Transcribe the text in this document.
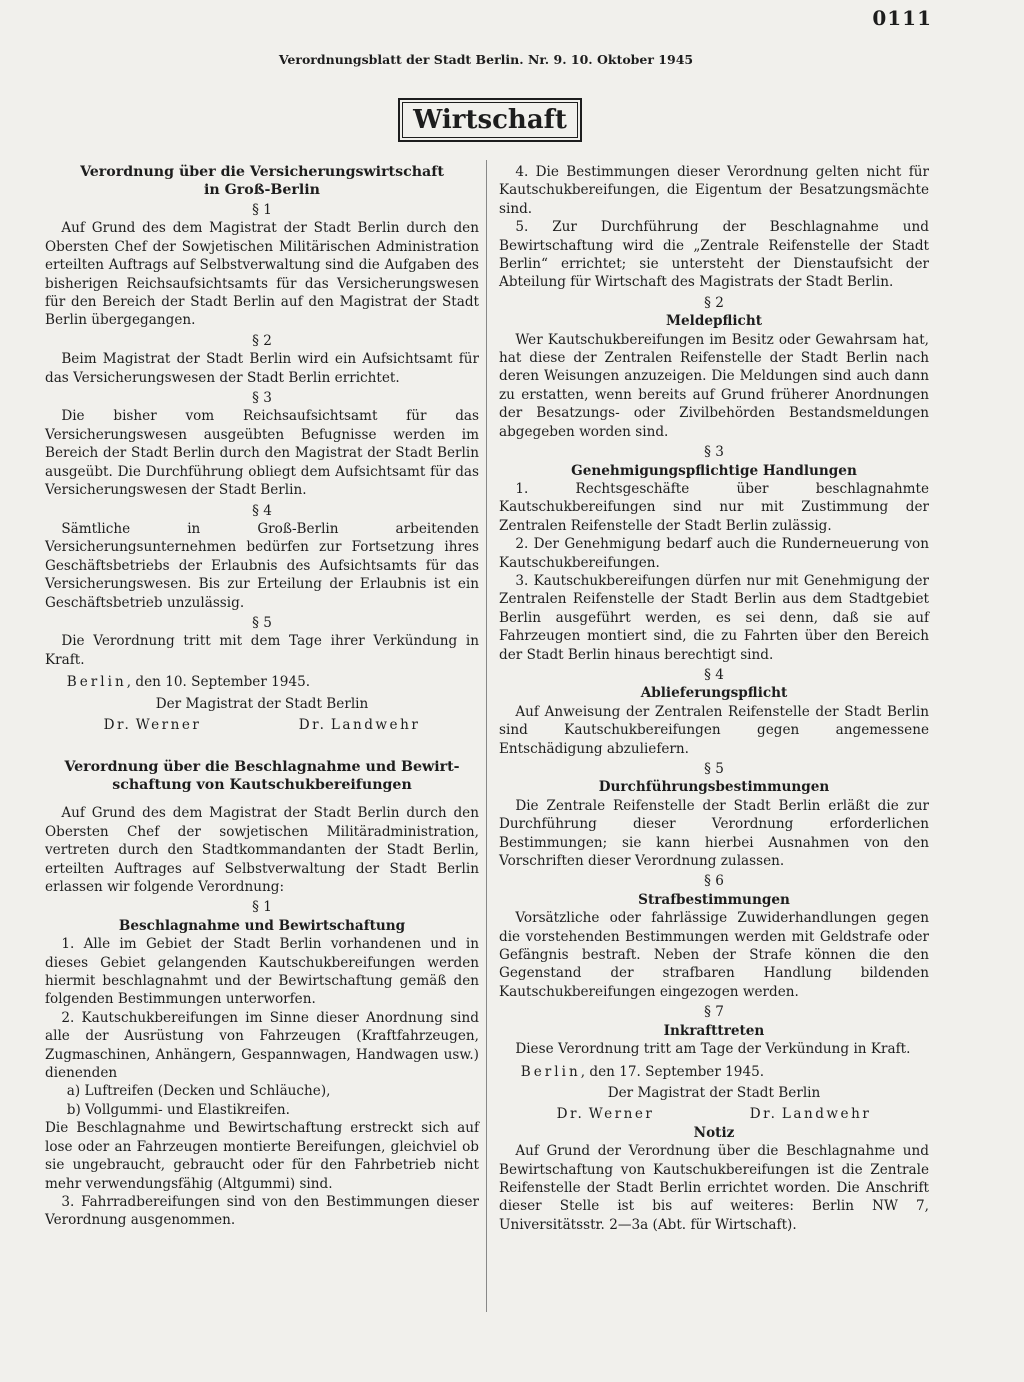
0111
Verordnungsblatt der Stadt Berlin. Nr. 9. 10. Oktober 1945
Wirtschaft
Verordnung über die Versicherungswirtschaft
in Groß-Berlin
§ 1

Auf Grund des dem Magistrat der Stadt Berlin durch den Obersten Chef der Sowjetischen Militärischen Administration erteilten Auftrags auf Selbstverwaltung sind die Aufgaben des bisherigen Reichsaufsichtsamts für das Versicherungswesen für den Bereich der Stadt Berlin auf den Magistrat der Stadt Berlin übergegangen.

§ 2

Beim Magistrat der Stadt Berlin wird ein Aufsichtsamt für das Versicherungswesen der Stadt Berlin errichtet.

§ 3

Die bisher vom Reichsaufsichtsamt für das Versicherungswesen ausgeübten Befugnisse werden im Bereich der Stadt Berlin durch den Magistrat der Stadt Berlin ausgeübt. Die Durchführung obliegt dem Aufsichtsamt für das Versicherungswesen der Stadt Berlin.

§ 4

Sämtliche in Groß-Berlin arbeitenden Versicherungsunternehmen bedürfen zur Fortsetzung ihres Geschäftsbetriebs der Erlaubnis des Aufsichtsamts für das Versicherungswesen. Bis zur Erteilung der Erlaubnis ist ein Geschäftsbetrieb unzulässig.

§ 5

Die Verordnung tritt mit dem Tage ihrer Verkündung in Kraft.

Berlin, den 10. September 1945.
Der Magistrat der Stadt Berlin
Dr. Werner	Dr. Landwehr
Verordnung über die Beschlagnahme und Bewirt-
schaftung von Kautschukbereifungen

Auf Grund des dem Magistrat der Stadt Berlin durch den Obersten Chef der sowjetischen Militäradministration, vertreten durch den Stadtkommandanten der Stadt Berlin, erteilten Auftrages auf Selbstverwaltung der Stadt Berlin erlassen wir folgende Verordnung:

§ 1
Beschlagnahme und Bewirtschaftung

1. Alle im Gebiet der Stadt Berlin vorhandenen und in dieses Gebiet gelangenden Kautschukbereifungen werden hiermit beschlagnahmt und der Bewirtschaftung gemäß den folgenden Bestimmungen unterworfen.

2. Kautschukbereifungen im Sinne dieser Anordnung sind alle der Ausrüstung von Fahrzeugen (Kraftfahrzeugen, Zugmaschinen, Anhängern, Gespannwagen, Handwagen usw.) dienenden

a) Luftreifen (Decken und Schläuche),

b) Vollgummi- und Elastikreifen.

Die Beschlagnahme und Bewirtschaftung erstreckt sich auf lose oder an Fahrzeugen montierte Bereifungen, gleichviel ob sie ungebraucht, gebraucht oder für den Fahrbetrieb nicht mehr verwendungsfähig (Altgummi) sind.

3. Fahrradbereifungen sind von den Bestimmungen dieser Verordnung ausgenommen.

4. Die Bestimmungen dieser Verordnung gelten nicht für Kautschukbereifungen, die Eigentum der Besatzungsmächte sind.

5. Zur Durchführung der Beschlagnahme und Bewirtschaftung wird die „Zentrale Reifenstelle der Stadt Berlin“ errichtet; sie untersteht der Dienstaufsicht der Abteilung für Wirtschaft des Magistrats der Stadt Berlin.

§ 2
Meldepflicht

Wer Kautschukbereifungen im Besitz oder Gewahrsam hat, hat diese der Zentralen Reifenstelle der Stadt Berlin nach deren Weisungen anzuzeigen. Die Meldungen sind auch dann zu erstatten, wenn bereits auf Grund früherer Anordnungen der Besatzungs- oder Zivilbehörden Bestandsmeldungen abgegeben worden sind.

§ 3
Genehmigungspflichtige Handlungen

1. Rechtsgeschäfte über beschlagnahmte Kautschukbereifungen sind nur mit Zustimmung der Zentralen Reifenstelle der Stadt Berlin zulässig.

2. Der Genehmigung bedarf auch die Runderneuerung von Kautschukbereifungen.

3. Kautschukbereifungen dürfen nur mit Genehmigung der Zentralen Reifenstelle der Stadt Berlin aus dem Stadtgebiet Berlin ausgeführt werden, es sei denn, daß sie auf Fahrzeugen montiert sind, die zu Fahrten über den Bereich der Stadt Berlin hinaus berechtigt sind.

§ 4
Ablieferungspflicht

Auf Anweisung der Zentralen Reifenstelle der Stadt Berlin sind Kautschukbereifungen gegen angemessene Entschädigung abzuliefern.

§ 5
Durchführungsbestimmungen

Die Zentrale Reifenstelle der Stadt Berlin erläßt die zur Durchführung dieser Verordnung erforderlichen Bestimmungen; sie kann hierbei Ausnahmen von den Vorschriften dieser Verordnung zulassen.

§ 6
Strafbestimmungen

Vorsätzliche oder fahrlässige Zuwiderhandlungen gegen die vorstehenden Bestimmungen werden mit Geldstrafe oder Gefängnis bestraft. Neben der Strafe können die den Gegenstand der strafbaren Handlung bildenden Kautschukbereifungen eingezogen werden.

§ 7
Inkrafttreten

Diese Verordnung tritt am Tage der Verkündung in Kraft.

Berlin, den 17. September 1945.
Der Magistrat der Stadt Berlin
Dr. Werner	Dr. Landwehr
Notiz

Auf Grund der Verordnung über die Beschlagnahme und Bewirtschaftung von Kautschukbereifungen ist die Zentrale Reifenstelle der Stadt Berlin errichtet worden. Die Anschrift dieser Stelle ist bis auf weiteres: Berlin NW 7, Universitätsstr. 2—3a (Abt. für Wirtschaft).
